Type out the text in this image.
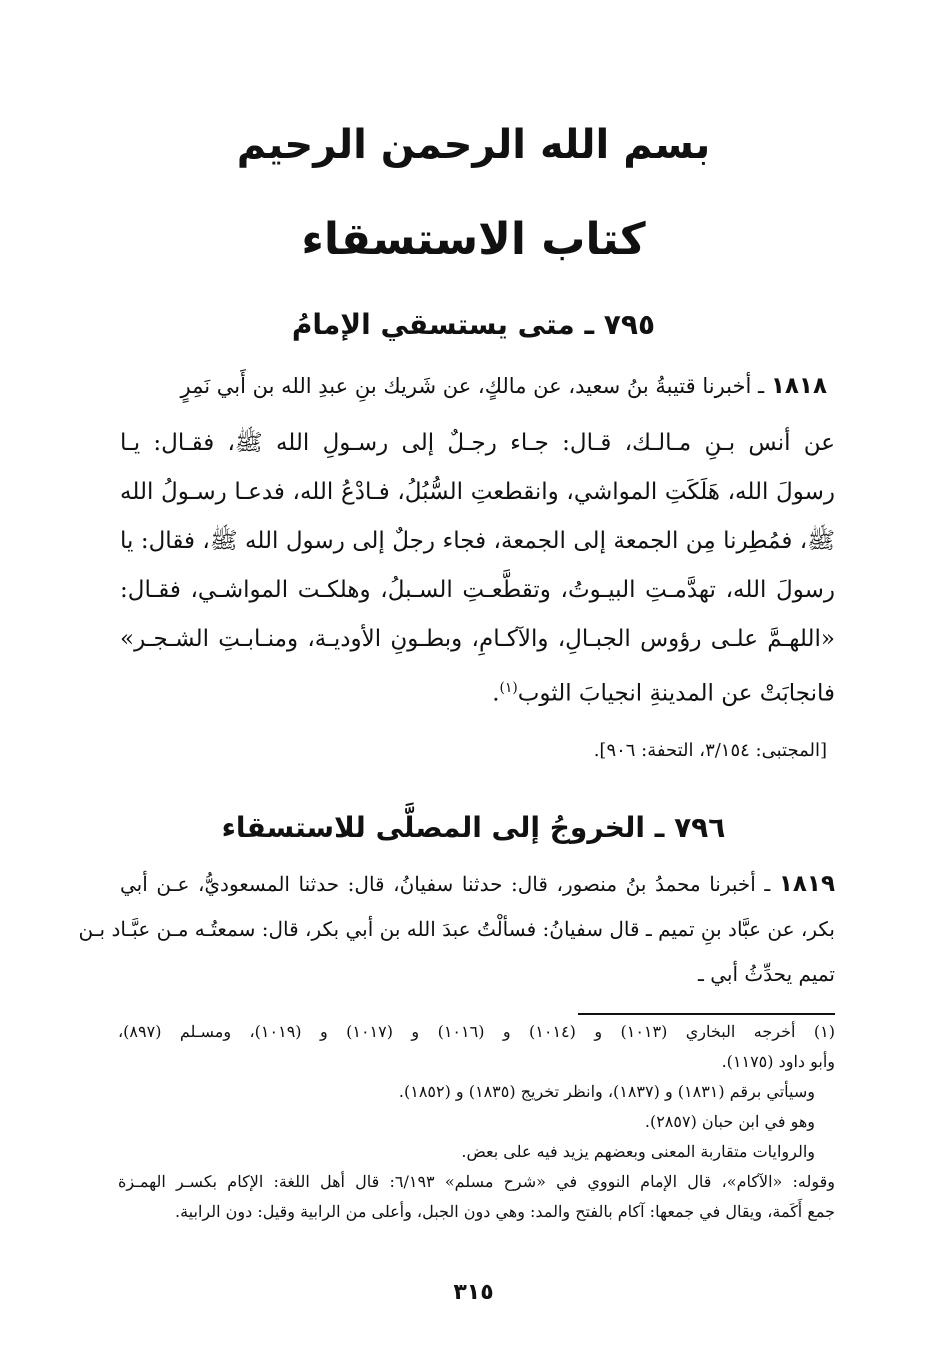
بسم الله الرحمن الرحيم
كتاب الاستسقاء
٧٩٥ ـ متى يستسقي الإمامُ
١٨١٨ ـ أخبرنا قتيبةُ بنُ سعيد، عن مالكٍ، عن شَريك بنِ عبدِ الله بن أَبي نَمِرٍ
عن أنس بـنِ مـالـك، قـال: جـاء رجـلٌ إلى رسـولِ الله ﷺ، فقـال: يـا
رسولَ الله، هَلَكَتِ المواشي، وانقطعتِ السُّبُلُ، فـادْعُ الله، فدعـا رسـولُ الله
ﷺ، فمُطِرنا مِن الجمعة إلى الجمعة، فجاء رجلٌ إلى رسول الله ﷺ، فقال: يا
رسولَ الله، تهدَّمـتِ البيـوتُ، وتقطَّعـتِ السـبلُ، وهلكـت المواشـي، فقـال:
«اللهـمَّ علـى رؤوس الجبـالِ، والآكـامِ، وبطـونِ الأوديـة، ومنـابـتِ الشـجـر»
فانجابَتْ عن المدينةِ انجيابَ الثوب$^{(١)}$.
[المجتبى: ٣/١٥٤، التحفة: ٩٠٦].
٧٩٦ ـ الخروجُ إلى المصلَّى للاستسقاء
١٨١٩ ـ أخبرنا محمدُ بنُ منصور، قال: حدثنا سفيانُ، قال: حدثنا المسعوديُّ، عـن أبي
بكر، عن عبَّاد بنِ تميم ـ قال سفيانُ: فسألْتُ عبدَ الله بن أبي بكر، قال: سمعتُـه مـن عبَّـاد بـن
تميم يحدِّثُ أبي ـ
(١) أخرجه البخاري (١٠١٣) و (١٠١٤) و (١٠١٦) و (١٠١٧) و (١٠١٩)، ومسـلم (٨٩٧)،
وأبو داود (١١٧٥).
وسيأتي برقم (١٨٣١) و (١٨٣٧)، وانظر تخريج (١٨٣٥) و (١٨٥٢).
وهو في ابن حبان (٢٨٥٧).
والروايات متقاربة المعنى وبعضهم يزيد فيه على بعض.
وقوله: «الآكام»، قال الإمام النووي في «شرح مسلم» ٦/١٩٣: قال أهل اللغة: الإكام بكسـر الهمـزة
جمع أَكَمة، ويقال في جمعها: آكام بالفتح والمد: وهي دون الجبل، وأعلى من الرابية وقيل: دون الرابية.
٣١٥
